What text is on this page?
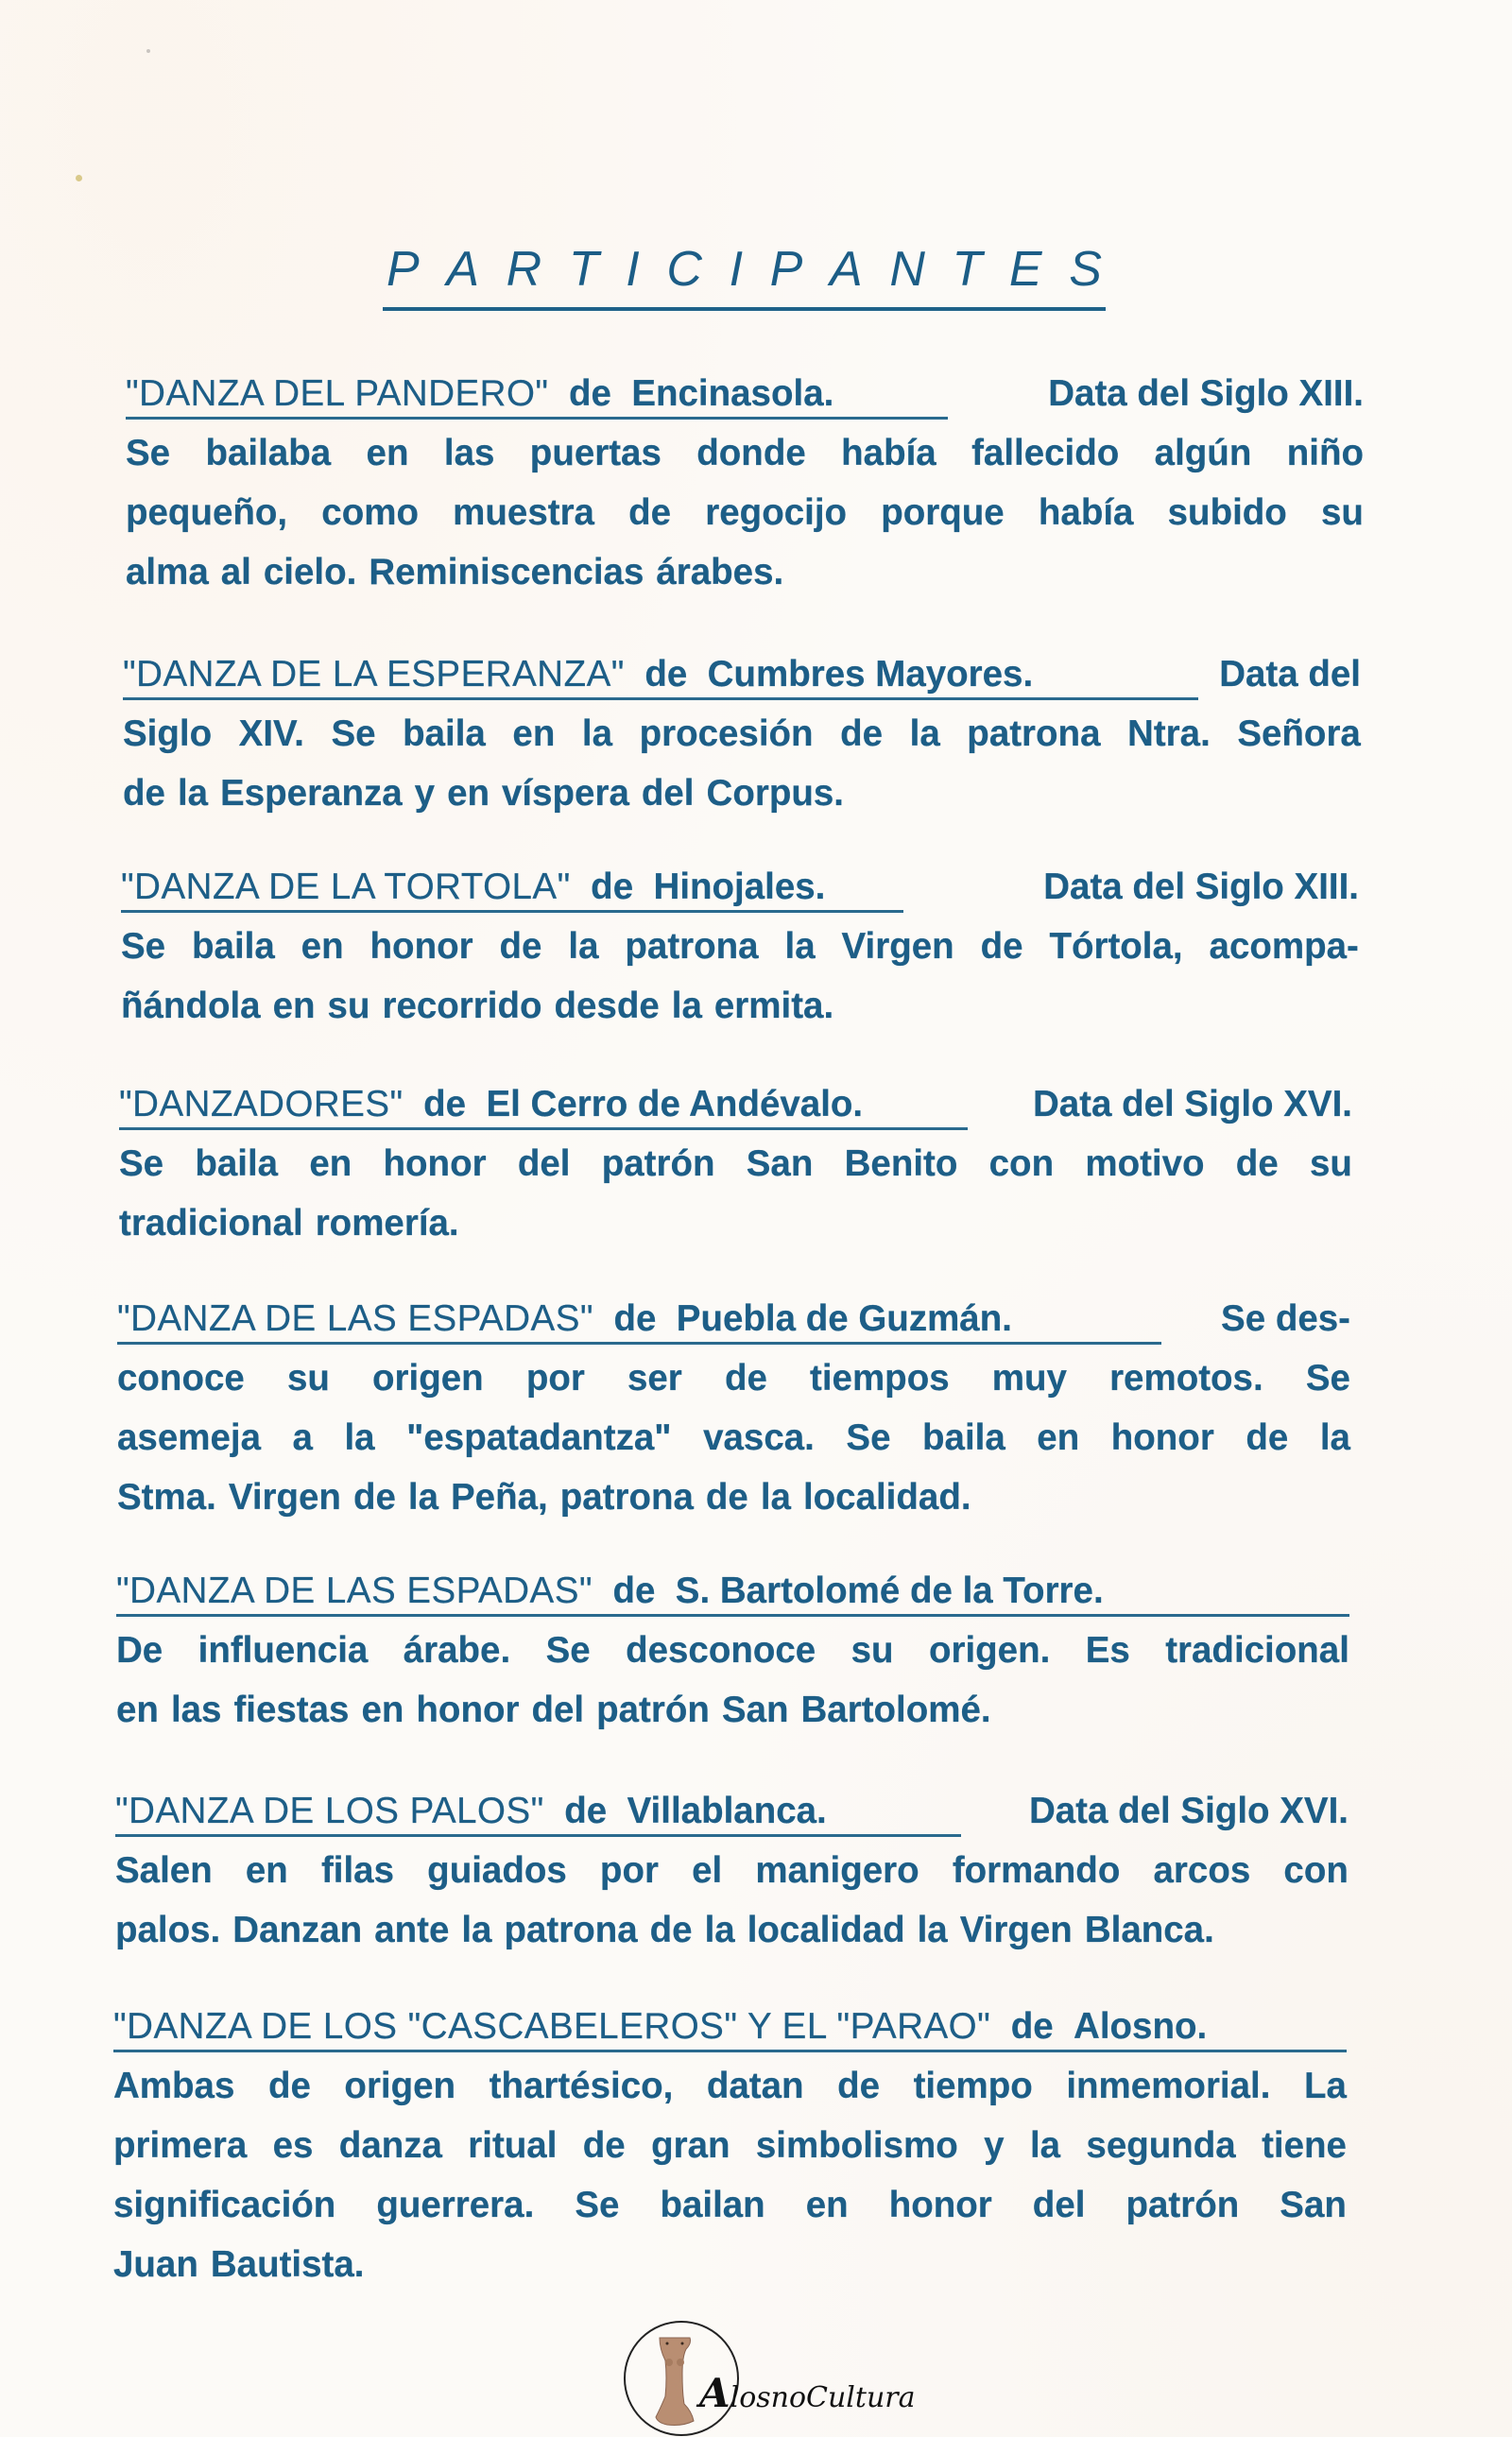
P A R T I C I P A N T E S
"DANZA DEL PANDERO"  de  Encinasola.	Data del Siglo XIII.
Se bailaba en las puertas donde había fallecido algún niño
pequeño, como muestra de regocijo porque había subido su
alma al cielo. Reminiscencias árabes.
"DANZA DE LA ESPERANZA"  de  Cumbres Mayores.	Data del
Siglo XIV. Se baila en la procesión de la patrona Ntra. Señora
de la Esperanza y en víspera del Corpus.
"DANZA DE LA TORTOLA"  de  Hinojales.	Data del Siglo XIII.
Se baila en honor de la patrona la Virgen de Tórtola, acompa-
ñándola en su recorrido desde la ermita.
"DANZADORES"  de  El Cerro de Andévalo.	Data del Siglo XVI.
Se baila en honor del patrón San Benito con motivo de su
tradicional romería.
"DANZA DE LAS ESPADAS"  de  Puebla de Guzmán.	Se des-
conoce su origen por ser de tiempos muy remotos. Se
asemeja a la "espatadantza" vasca. Se baila en honor de la
Stma. Virgen de la Peña, patrona de la localidad.
"DANZA DE LAS ESPADAS"  de  S. Bartolomé de la Torre.
De influencia árabe. Se desconoce su origen. Es tradicional
en las fiestas en honor del patrón San Bartolomé.
"DANZA DE LOS PALOS"  de  Villablanca.	Data del Siglo XVI.
Salen en filas guiados por el manigero formando arcos con
palos. Danzan ante la patrona de la localidad la Virgen Blanca.
"DANZA DE LOS "CASCABELEROS" Y EL "PARAO"  de  Alosno.
Ambas de origen thartésico, datan de tiempo inmemorial. La
primera es danza ritual de gran simbolismo y la segunda tiene
significación guerrera. Se bailan en honor del patrón San
Juan Bautista.
AlosnoCultura
